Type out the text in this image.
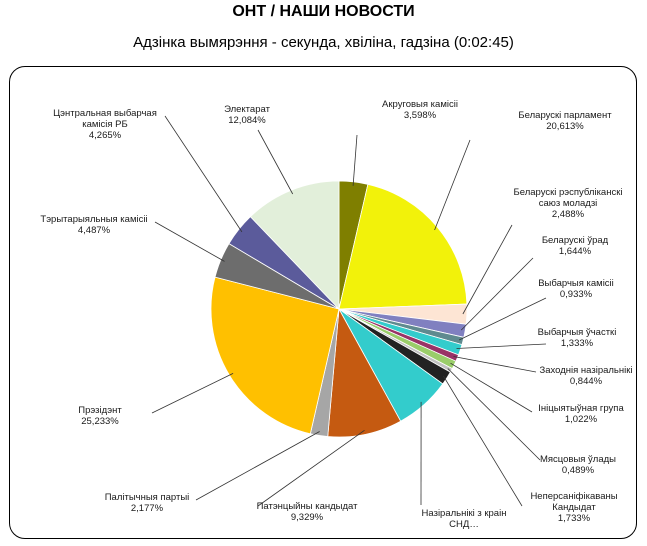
ОНТ / НАШИ НОВОСТИ
Адзінка вымярэння - секунда, хвіліна, гадзіна (0:02:45)
Акруговыя камісіі 3,598%	Беларускі парламент 20,613%
Беларускі рэспубліканскі саюз моладзі 2,488%
Беларускі ўрад 1,644%
Выбарчыя камісіі 0,933%
Выбарчыя ўчасткі 1,333%
Заходнія назіральнікі 0,844%
Ініцыятыўная група 1,022%
Мясцовыя ўлады 0,489%
Неперсаніфікаваны Кандыдат 1,733%
Назіральнікі з краін СНД…
Патэнцыйны кандыдат 9,329%
Палітычныя партыі 2,177%
Прэзідэнт 25,233%
Тэрытарыяльныя камісіі 4,487%
Цэнтральная выбарчая камісія РБ 4,265%
Электарат 12,084%
